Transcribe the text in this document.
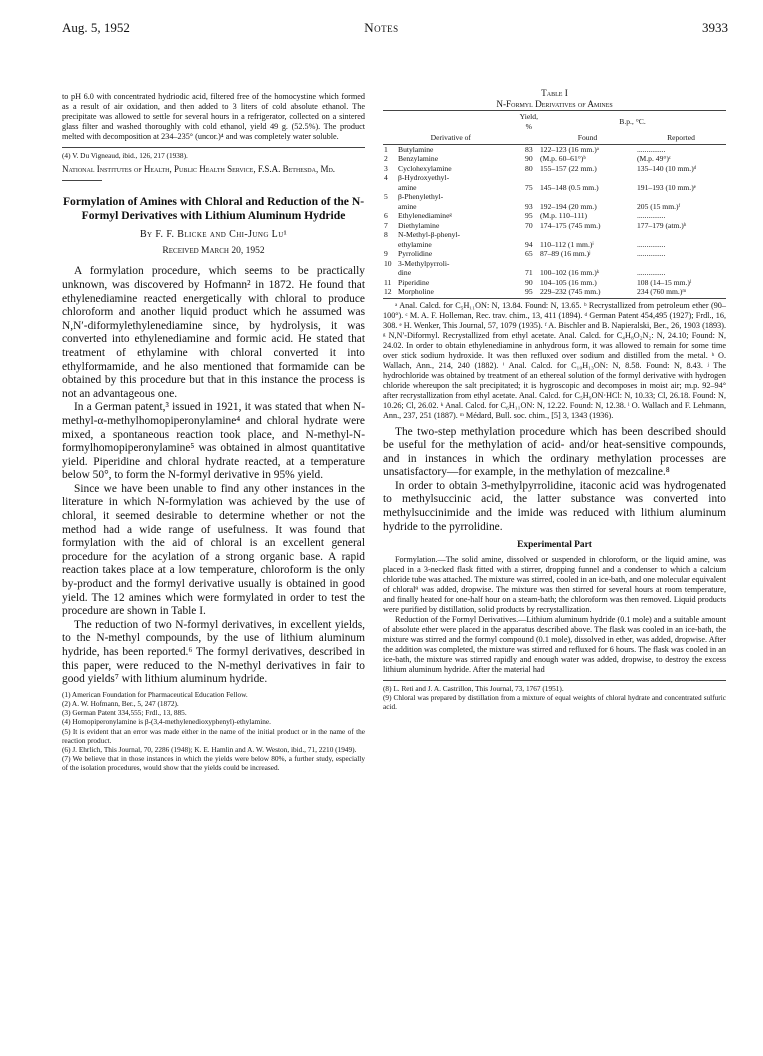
Aug. 5, 1952	Notes	3933

to pH 6.0 with concentrated hydriodic acid, filtered free of the homocystine which formed as a result of air oxidation, and then added to 3 liters of cold absolute ethanol. The precipitate was allowed to settle for several hours in a refrigerator, collected on a sintered glass filter and washed thoroughly with cold ethanol, yield 49 g. (52.5%). The product melted with decomposition at 234–235° (uncor.)⁴ and was completely water soluble.

(4) V. Du Vigneaud, ibid., 126, 217 (1938).

National Institutes of Health, Public Health Service, F.S.A. Bethesda, Md.

Formylation of Amines with Chloral and Reduction of the N-Formyl Derivatives with Lithium Aluminum Hydride

By F. F. Blicke and Chi-Jung Lu¹

Received March 20, 1952

A formylation procedure, which seems to be practically unknown, was discovered by Hofmann² in 1872. He found that ethylenediamine reacted energetically with chloral to produce chloroform and another liquid product which he assumed was N,N′-diformylethylenediamine since, by hydrolysis, it was converted into ethylenediamine and formic acid. He stated that treatment of ethylamine with chloral converted it into ethylformamide, and he also mentioned that formamide can be obtained by this procedure but that in this instance the process is not an advantageous one.

In a German patent,³ issued in 1921, it was stated that when N-methyl-α-methylhomopiperonylamine⁴ and chloral hydrate were mixed, a spontaneous reaction took place, and N-methyl-N-formylhomopiperonylamine⁵ was obtained in almost quantitative yield. Piperidine and chloral hydrate reacted, at a temperature below 50°, to form the N-formyl derivative in 95% yield.

Since we have been unable to find any other instances in the literature in which N-formylation was achieved by the use of chloral, it seemed desirable to determine whether or not the method had a wide range of usefulness. It was found that formylation with the aid of chloral is an excellent general procedure for the acylation of a strong organic base. A rapid reaction takes place at a low temperature, chloroform is the only by-product and the formyl derivative usually is obtained in good yield. The 12 amines which were formylated in order to test the procedure are shown in Table I.

The reduction of two N-formyl derivatives, in excellent yields, to the N-methyl compounds, by the use of lithium aluminum hydride, has been reported.⁶ The formyl derivatives, described in this paper, were reduced to the N-methyl derivatives in fair to good yields⁷ with lithium aluminum hydride.

(1) American Foundation for Pharmaceutical Education Fellow.

(2) A. W. Hofmann, Ber., 5, 247 (1872).

(3) German Patent 334,555; Frdl., 13, 885.

(4) Homopiperonylamine is β-(3,4-methylenedioxyphenyl)-ethylamine.

(5) It is evident that an error was made either in the name of the initial product or in the name of the reaction product.

(6) J. Ehrlich, This Journal, 70, 2286 (1948); K. E. Hamlin and A. W. Weston, ibid., 71, 2210 (1949).

(7) We believe that in those instances in which the yields were below 80%, a further study, especially of the isolation procedures, would show that the yields could be increased.

Table I

N-Formyl Derivatives of Amines

		Yield, %	B.p., °C.	
Derivative of			Found	Reported
1	Butylamine	83	122–123 (16 mm.)ᵃ	...............
2	Benzylamine	90	(M.p. 60–61°)ᵇ	(M.p. 49°)ᶜ
3	Cyclohexylamine	80	155–157 (22 mm.)	135–140 (10 mm.)ᵈ
4	β-Hydroxyethyl-			
	amine	75	145–148 (0.5 mm.)	191–193 (10 mm.)ᵉ
5	β-Phenylethyl-			
	amine	93	192–194 (20 mm.)	205 (15 mm.)ᶠ
6	Ethylenediamineᵍ	95	(M.p. 110–111)	...............
7	Diethylamine	70	174–175 (745 mm.)	177–179 (atm.)ʰ
8	N-Methyl-β-phenyl-			
	ethylamine	94	110–112 (1 mm.)ⁱ	...............
9	Pyrrolidine	65	87–89 (16 mm.)ʲ	...............
10	3-Methylpyrroli-			
	dine	71	100–102 (16 mm.)ᵏ	...............
11	Piperidine	90	104–105 (16 mm.)	108 (14–15 mm.)ˡ
12	Morpholine	95	229–232 (745 mm.)	234 (760 mm.)ᵐ

ᵃ Anal. Calcd. for C₅H₁₁ON: N, 13.84. Found: N, 13.65. ᵇ Recrystallized from petroleum ether (90–100°). ᶜ M. A. F. Holleman, Rec. trav. chim., 13, 411 (1894). ᵈ German Patent 454,495 (1927); Frdl., 16, 308. ᵉ H. Wenker, This Journal, 57, 1079 (1935). ᶠ A. Bischler and B. Napieralski, Ber., 26, 1903 (1893). ᵍ N,N′-Diformyl. Recrystallized from ethyl acetate. Anal. Calcd. for C₄H₈O₂N₂: N, 24.10; Found: N, 24.02. In order to obtain ethylenediamine in anhydrous form, it was allowed to remain for some time over stick sodium hydroxide. It was then refluxed over sodium and distilled from the metal. ʰ O. Wallach, Ann., 214, 240 (1882). ⁱ Anal. Calcd. for C₁₀H₁₃ON: N, 8.58. Found: N, 8.43. ʲ The hydrochloride was obtained by treatment of an ethereal solution of the formyl derivative with hydrogen chloride whereupon the salt precipitated; it is hygroscopic and decomposes in moist air; m.p. 92–94° after recrystallization from ethyl acetate. Anal. Calcd. for C₅H₉ON·HCl: N, 10.33; Cl, 26.18. Found: N, 10.26; Cl, 26.02. ᵏ Anal. Calcd. for C₆H₁₁ON: N, 12.22. Found: N, 12.38. ˡ O. Wallach and F. Lehmann, Ann., 237, 251 (1887). ᵐ Médard, Bull. soc. chim., [5] 3, 1343 (1936).

The two-step methylation procedure which has been described should be useful for the methylation of acid- and/or heat-sensitive compounds, and in instances in which the ordinary methylation processes are unsatisfactory—for example, in the methylation of mezcaline.⁸

In order to obtain 3-methylpyrrolidine, itaconic acid was hydrogenated to methylsuccinic acid, the latter substance was converted into methylsuccinimide and the imide was reduced with lithium aluminum hydride to the pyrrolidine.

Experimental Part

Formylation.—The solid amine, dissolved or suspended in chloroform, or the liquid amine, was placed in a 3-necked flask fitted with a stirrer, dropping funnel and a condenser to which a calcium chloride tube was attached. The mixture was stirred, cooled in an ice-bath, and one molecular equivalent of chloral⁹ was added, dropwise. The mixture was then stirred for several hours at room temperature, and finally heated for one-half hour on a steam-bath; the chloroform was then removed. Liquid products were purified by distillation, solid products by recrystallization.

Reduction of the Formyl Derivatives.—Lithium aluminum hydride (0.1 mole) and a suitable amount of absolute ether were placed in the apparatus described above. The flask was cooled in an ice-bath, the mixture was stirred and the formyl compound (0.1 mole), dissolved in ether, was added, dropwise. After the addition was completed, the mixture was stirred and refluxed for 6 hours. The flask was cooled in an ice-bath, the mixture was stirred rapidly and enough water was added, dropwise, to destroy the excess lithium aluminum hydride. After the material had

(8) L. Reti and J. A. Castrillon, This Journal, 73, 1767 (1951).

(9) Chloral was prepared by distillation from a mixture of equal weights of chloral hydrate and concentrated sulfuric acid.
